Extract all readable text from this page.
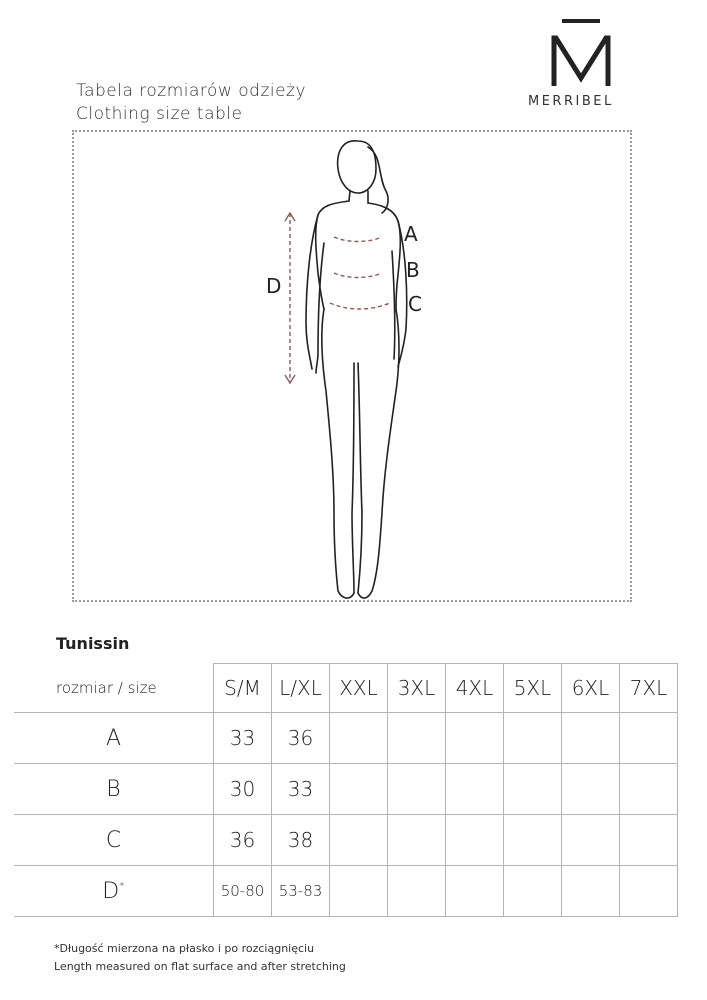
MERRIBEL
Tabela rozmiarów odzieży
Clothing size table
A
B
C
D
Tunissin
rozmiar / size	S/M	L/XL	XXL	3XL	4XL	5XL	6XL	7XL
A	33	36						
B	30	33						
C	36	38						
D*	50-80	53-83						
*Długość mierzona na płasko i po rozciągnięciu
Length measured on flat surface and after stretching
